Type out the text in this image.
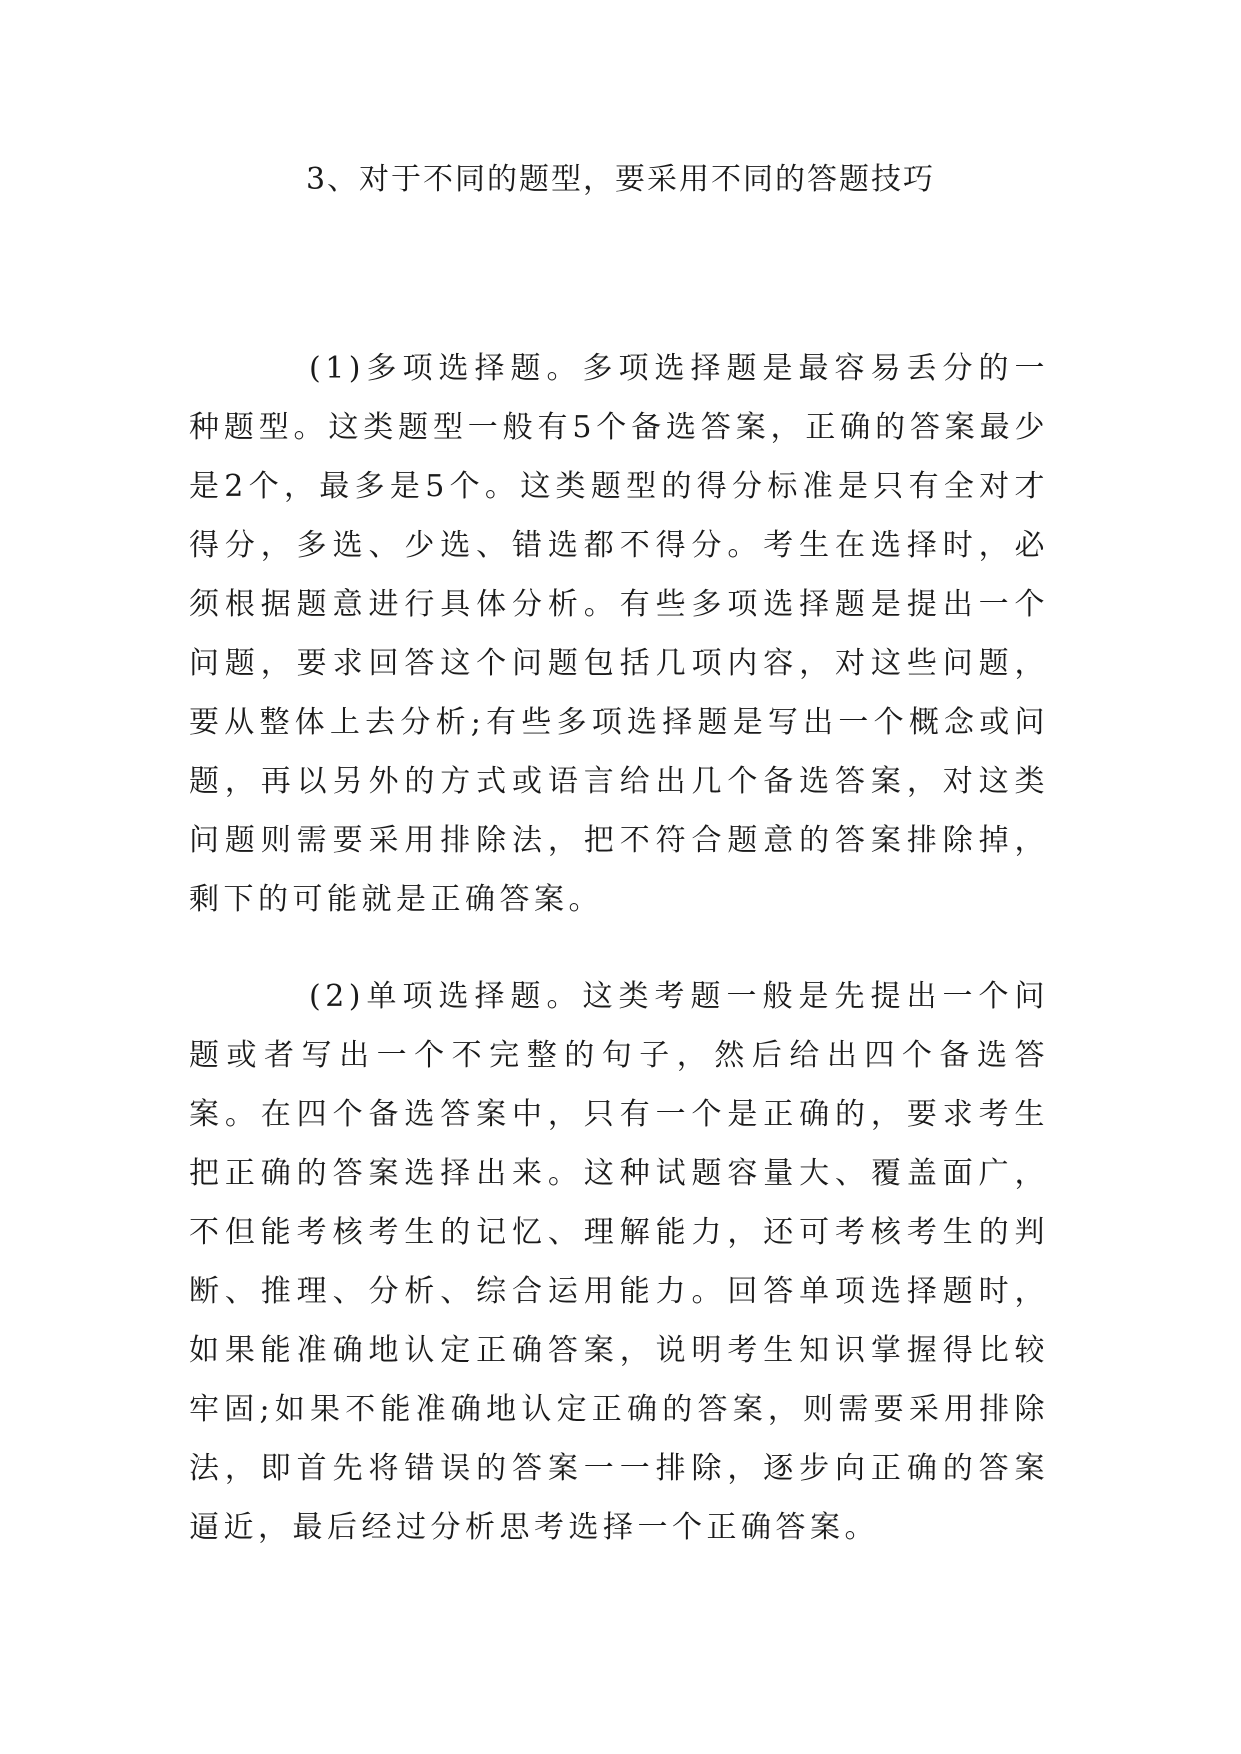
3、对于不同的题型，要采用不同的答题技巧

(1)多项选择题。多项选择题是最容易丢分的一种题型。这类题型一般有5个备选答案，正确的答案最少是2个，最多是5个。这类题型的得分标准是只有全对才得分，多选、少选、错选都不得分。考生在选择时，必须根据题意进行具体分析。有些多项选择题是提出一个问题，要求回答这个问题包括几项内容，对这些问题，要从整体上去分析;有些多项选择题是写出一个概念或问题，再以另外的方式或语言给出几个备选答案，对这类问题则需要采用排除法，把不符合题意的答案排除掉，剩下的可能就是正确答案。

(2)单项选择题。这类考题一般是先提出一个问题或者写出一个不完整的句子，然后给出四个备选答案。在四个备选答案中，只有一个是正确的，要求考生把正确的答案选择出来。这种试题容量大、覆盖面广，不但能考核考生的记忆、理解能力，还可考核考生的判断、推理、分析、综合运用能力。回答单项选择题时，如果能准确地认定正确答案，说明考生知识掌握得比较牢固;如果不能准确地认定正确的答案，则需要采用排除法，即首先将错误的答案一一排除，逐步向正确的答案逼近，最后经过分析思考选择一个正确答案。
